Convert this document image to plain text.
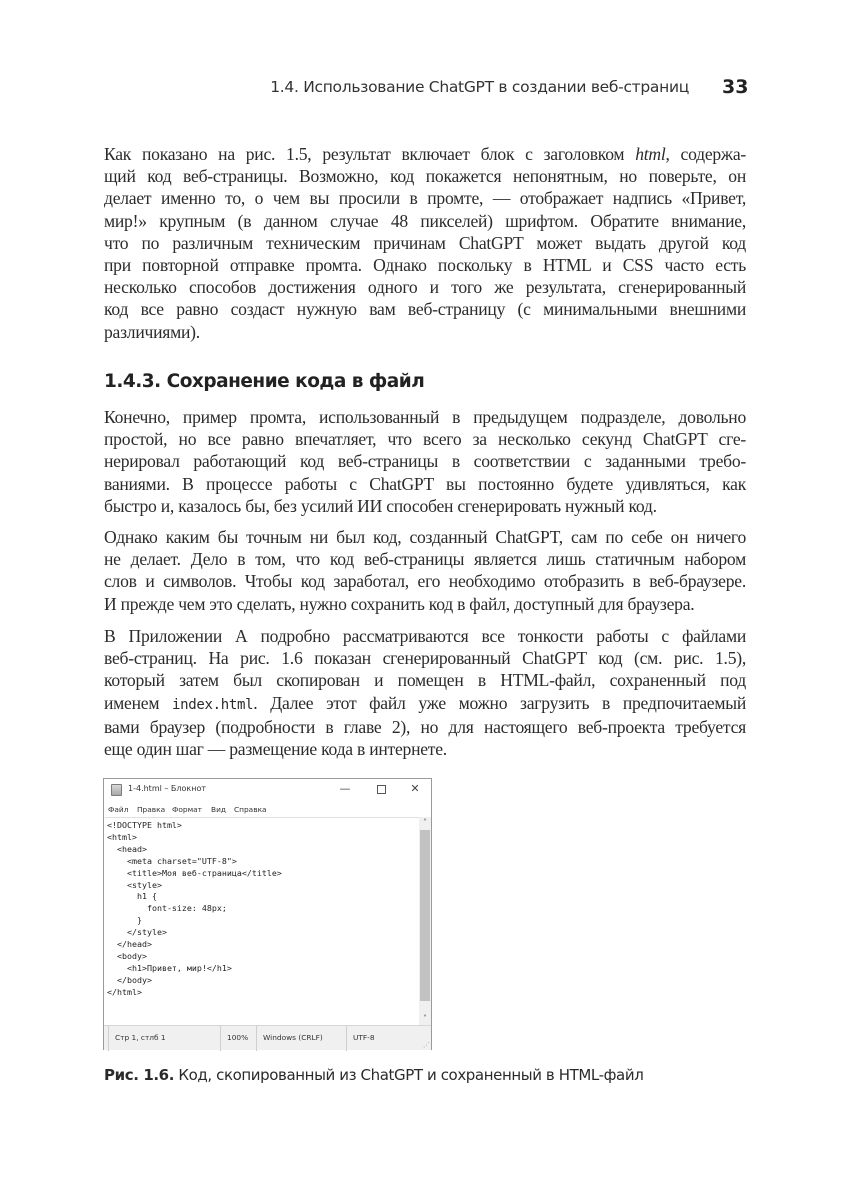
1.4. Использование ChatGPT в создании веб-страниц 33
Как показано на рис. 1.5, результат включает блок с заголовком html, содержа-
щий код веб-страницы. Возможно, код покажется непонятным, но поверьте, он
делает именно то, о чем вы просили в промте, — отображает надпись «Привет,
мир!» крупным (в данном случае 48 пикселей) шрифтом. Обратите внимание,
что по различным техническим причинам ChatGPT может выдать другой код
при повторной отправке промта. Однако поскольку в HTML и CSS часто есть
несколько способов достижения одного и того же результата, сгенерированный
код все равно создаст нужную вам веб-страницу (с минимальными внешними
различиями).
1.4.3. Сохранение кода в файл
Конечно, пример промта, использованный в предыдущем подразделе, довольно
простой, но все равно впечатляет, что всего за несколько секунд ChatGPT сге-
нерировал работающий код веб-страницы в соответствии с заданными требо-
ваниями. В процессе работы с ChatGPT вы постоянно будете удивляться, как
быстро и, казалось бы, без усилий ИИ способен сгенерировать нужный код.
Однако каким бы точным ни был код, созданный ChatGPT, сам по себе он ничего
не делает. Дело в том, что код веб-страницы является лишь статичным набором
слов и символов. Чтобы код заработал, его необходимо отобразить в веб-браузере.
И прежде чем это сделать, нужно сохранить код в файл, доступный для браузера.
В Приложении А подробно рассматриваются все тонкости работы с файлами
веб-страниц. На рис. 1.6 показан сгенерированный ChatGPT код (см. рис. 1.5),
который затем был скопирован и помещен в HTML-файл, сохраненный под
именем index.html. Далее этот файл уже можно загрузить в предпочитаемый
вами браузер (подробности в главе 2), но для настоящего веб-проекта требуется
еще один шаг — размещение кода в интернете.
1-4.html – Блокнот	—	✕
Файл Правка Формат Вид Справка
<!DOCTYPE html>
<html>
<head>
<meta charset="UTF-8">
<title>Моя веб-страница</title>
<style>
h1 {
font-size: 48px;
}
</style>
</head>
<body>
<h1>Привет, мир!</h1>
</body>
</html>
˄
˅
Стр 1, стлб 1	100%	Windows (CRLF)	UTF-8
⋰
Рис. 1.6. Код, скопированный из ChatGPT и сохраненный в HTML-файл
